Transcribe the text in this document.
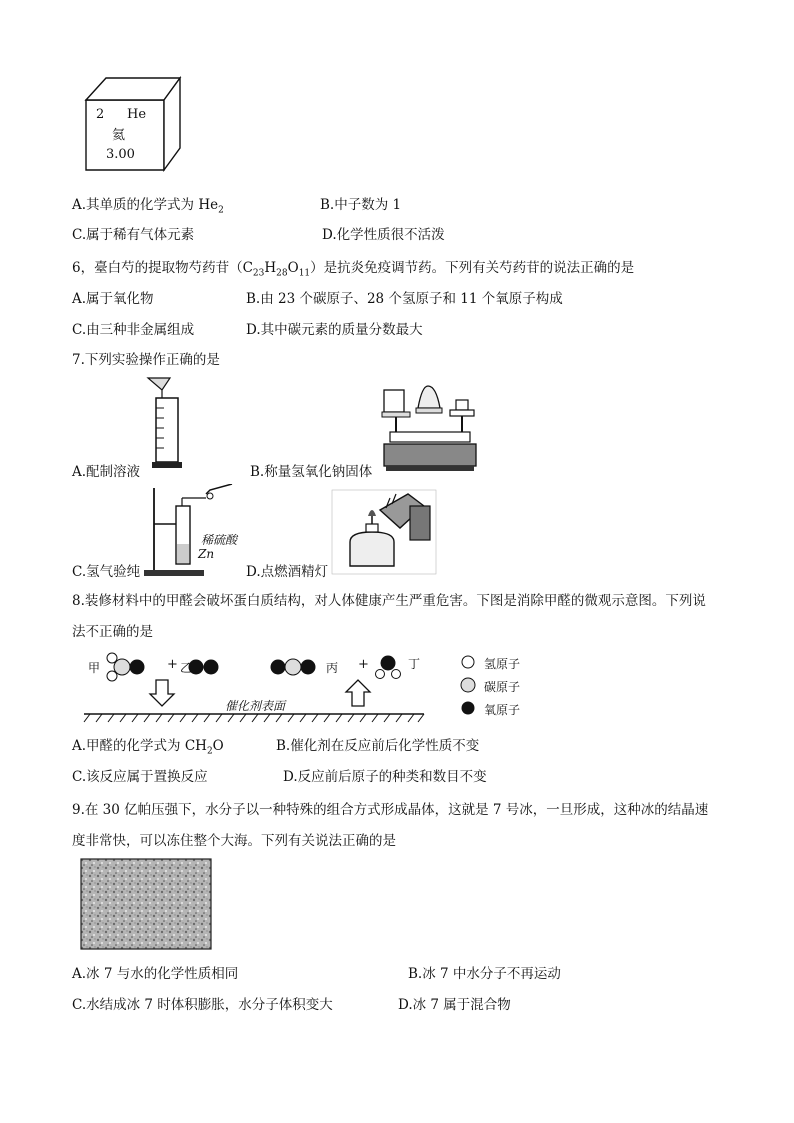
2 He
氦
3.00
A.其单质的化学式为 $He_2$	B.中子数为 1
C.属于稀有气体元素	D.化学性质很不活泼
6，臺白芍的提取物芍药苷$(C_{23}H_{28}O_{11})$是抗炎免疫调节药。下列有关芍药苷的说法正确的是
A.属于氧化物	B.由 23 个碳原子、28 个氢原子和 11 个氧原子构成
C.由三种非金属组成	D.其中碳元素的质量分数最大
7.下列实验操作正确的是
A.配制溶液	B.称量氢氧化钠固体
稀硫酸
Zn
C.氢气验纯	D.点燃酒精灯
8.装修材料中的甲醛会破坏蛋白质结构，对人体健康产生严重危害。下图是消除甲醛的微观示意图。下列说
法不正确的是
甲	+ 乙	丙 +	丁
催化剂表面
氢原子
碳原子
氧原子
A.甲醛的化学式为 $CH_2O$	B.催化剂在反应前后化学性质不变
C.该反应属于置换反应	D.反应前后原子的种类和数目不变
9.在 30 亿帕压强下，水分子以一种特殊的组合方式形成晶体，这就是 7 号冰，一旦形成，这种冰的结晶速
度非常快，可以冻住整个大海。下列有关说法正确的是
A.冰 7 与水的化学性质相同	B.冰 7 中水分子不再运动
C.水结成冰 7 时体积膨胀，水分子体积变大	D.冰 7 属于混合物
